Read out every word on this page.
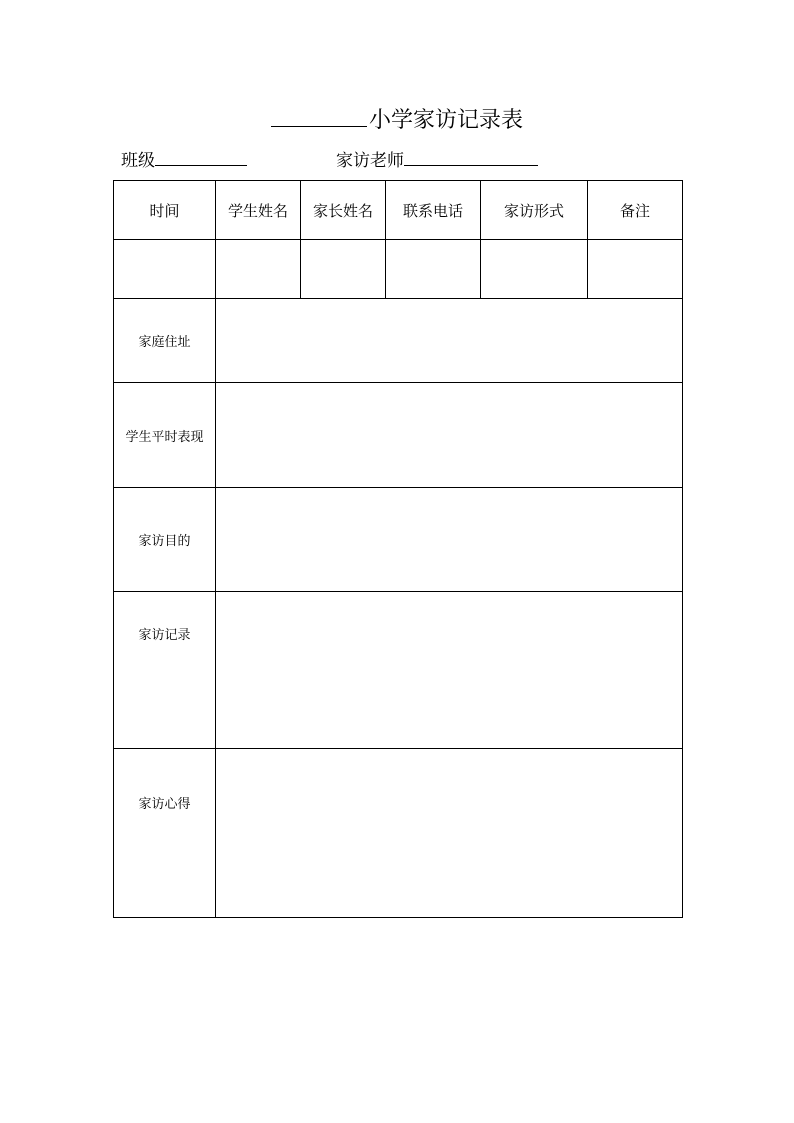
小学家访记录表
班级	家访老师
时间	学生姓名	家长姓名	联系电话	家访形式	备注

家庭住址					
学生平时表现					
家访目的					
家访记录					
家访心得					
